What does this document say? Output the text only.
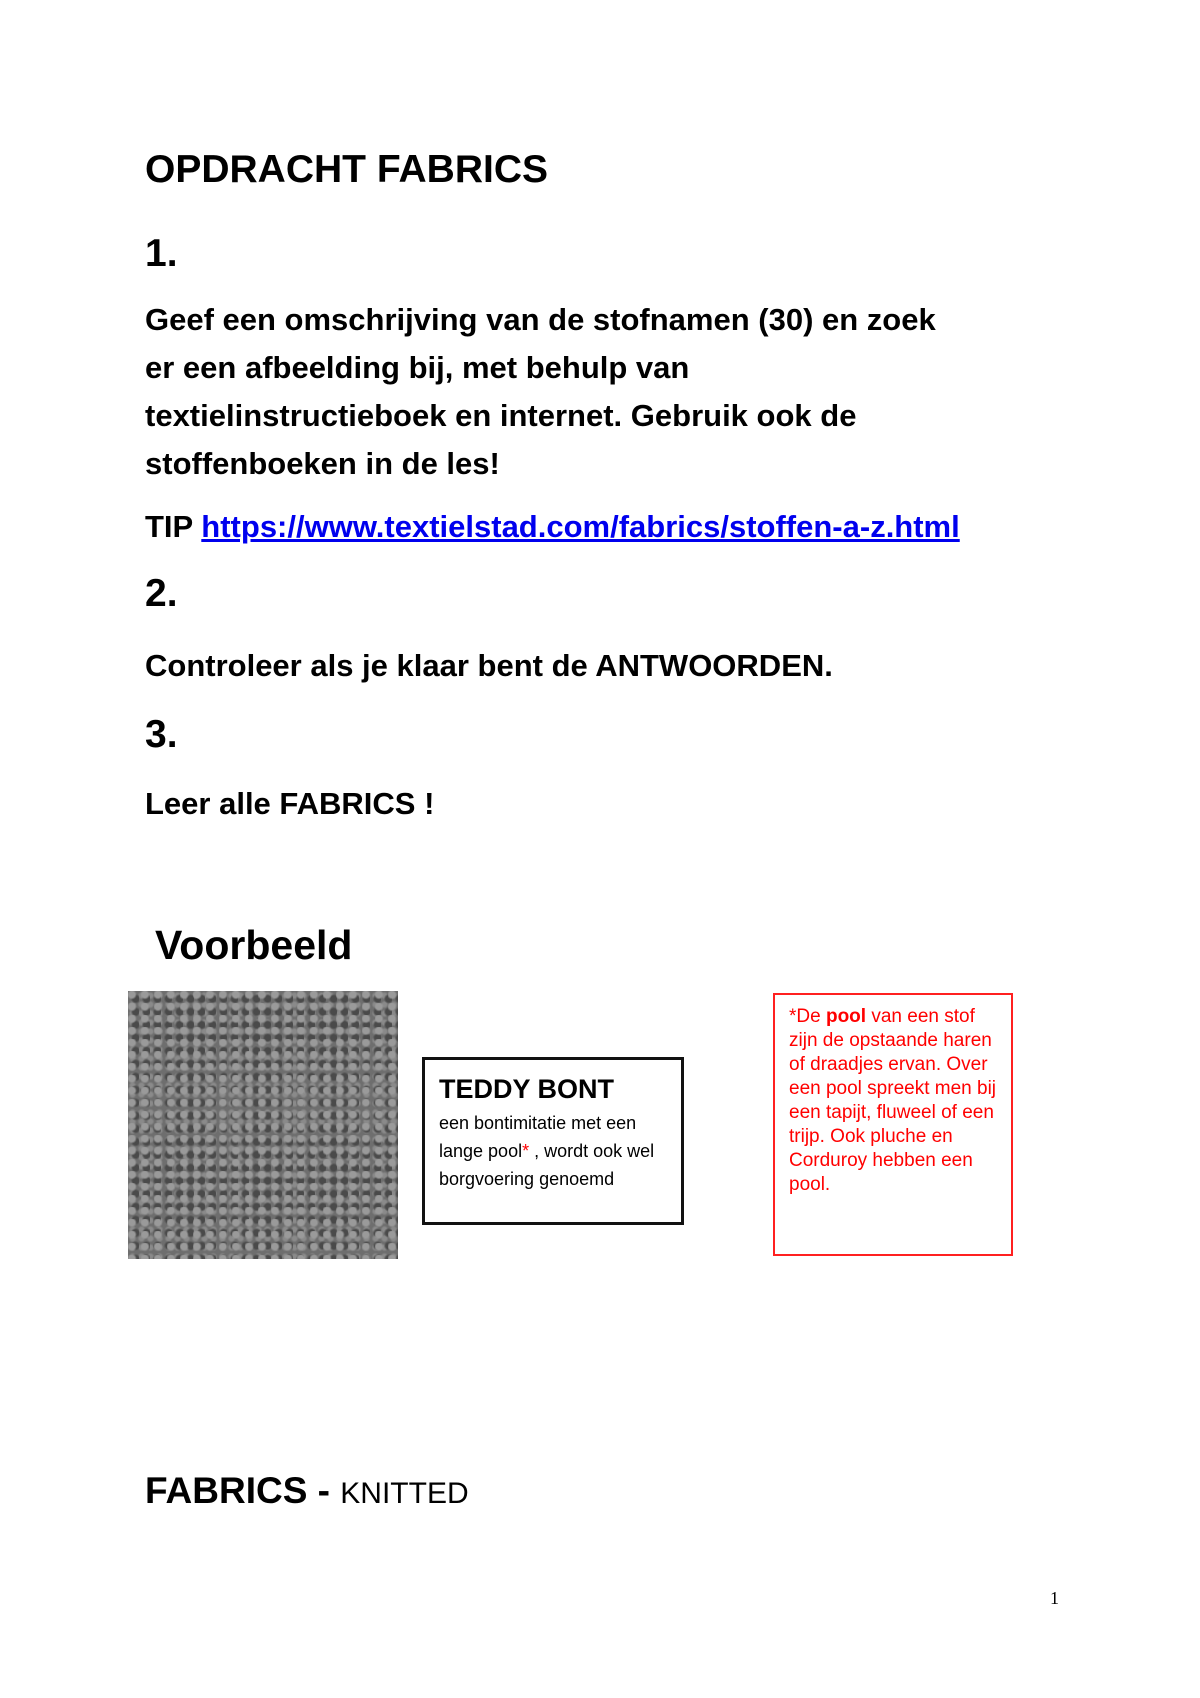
OPDRACHT FABRICS
1.
Geef een omschrijving van de stofnamen (30) en zoek er een afbeelding bij, met behulp van textielinstructieboek en internet. Gebruik ook de stoffenboeken in de les!
TIP https://www.textielstad.com/fabrics/stoffen-a-z.html
2.
Controleer als je klaar bent de ANTWOORDEN.
3.
Leer alle FABRICS !
Voorbeeld
TEDDY BONT
een bontimitatie met een lange pool* , wordt ook wel borgvoering genoemd
*De pool van een stof zijn de opstaande haren of draadjes ervan. Over een pool spreekt men bij een tapijt, fluweel of een trijp. Ook pluche en Corduroy hebben een pool.
FABRICS - KNITTED
1
